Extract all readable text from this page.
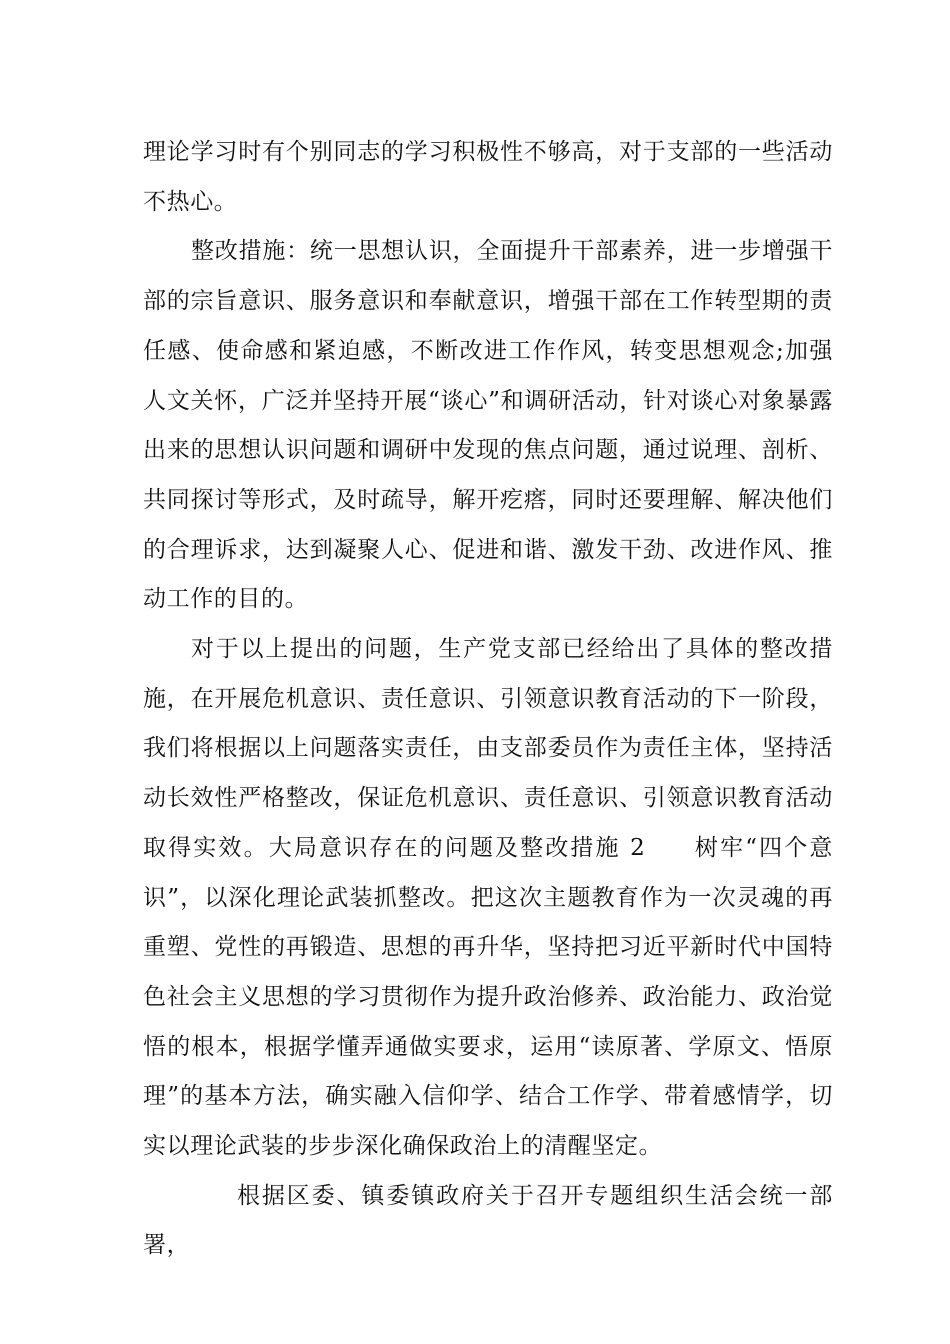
理论学习时有个别同志的学习积极性不够高，对于支部的一些活动不热心。

整改措施：统一思想认识，全面提升干部素养，进一步增强干部的宗旨意识、服务意识和奉献意识，增强干部在工作转型期的责任感、使命感和紧迫感，不断改进工作作风，转变思想观念;加强人文关怀，广泛并坚持开展“谈心”和调研活动，针对谈心对象暴露出来的思想认识问题和调研中发现的焦点问题，通过说理、剖析、共同探讨等形式，及时疏导，解开疙瘩，同时还要理解、解决他们的合理诉求，达到凝聚人心、促进和谐、激发干劲、改进作风、推动工作的目的。

对于以上提出的问题，生产党支部已经给出了具体的整改措施，在开展危机意识、责任意识、引领意识教育活动的下一阶段，我们将根据以上问题落实责任，由支部委员作为责任主体，坚持活动长效性严格整改，保证危机意识、责任意识、引领意识教育活动取得实效。大局意识存在的问题及整改措施 2 树牢“四个意识”，以深化理论武装抓整改。把这次主题教育作为一次灵魂的再重塑、党性的再锻造、思想的再升华，坚持把习近平新时代中国特色社会主义思想的学习贯彻作为提升政治修养、政治能力、政治觉悟的根本，根据学懂弄通做实要求，运用“读原著、学原文、悟原理”的基本方法，确实融入信仰学、结合工作学、带着感情学，切实以理论武装的步步深化确保政治上的清醒坚定。

根据区委、镇委镇政府关于召开专题组织生活会统一部署，
